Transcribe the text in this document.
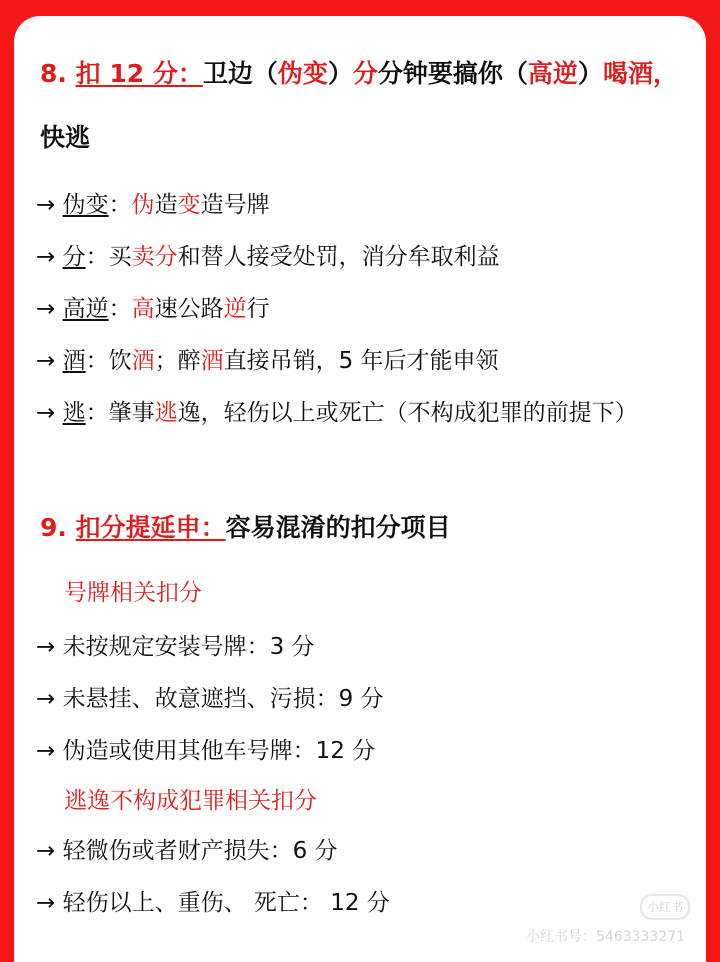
8. 扣 12 分：卫边（伪变）分分钟要搞你（高逆）喝酒，
快逃
→ 伪变：伪造变造号牌
→ 分：买卖分和替人接受处罚，消分牟取利益
→ 高逆：高速公路逆行
→ 酒：饮酒；醉酒直接吊销，5 年后才能申领
→ 逃：肇事逃逸，轻伤以上或死亡（不构成犯罪的前提下）
9. 扣分提延申：容易混淆的扣分项目
号牌相关扣分
→ 未按规定安装号牌：3 分
→ 未悬挂、故意遮挡、污损：9 分
→ 伪造或使用其他车号牌：12 分
逃逸不构成犯罪相关扣分
→ 轻微伤或者财产损失：6 分
→ 轻伤以上、重伤、 死亡： 12 分	小红书
小红书号：5463333271
